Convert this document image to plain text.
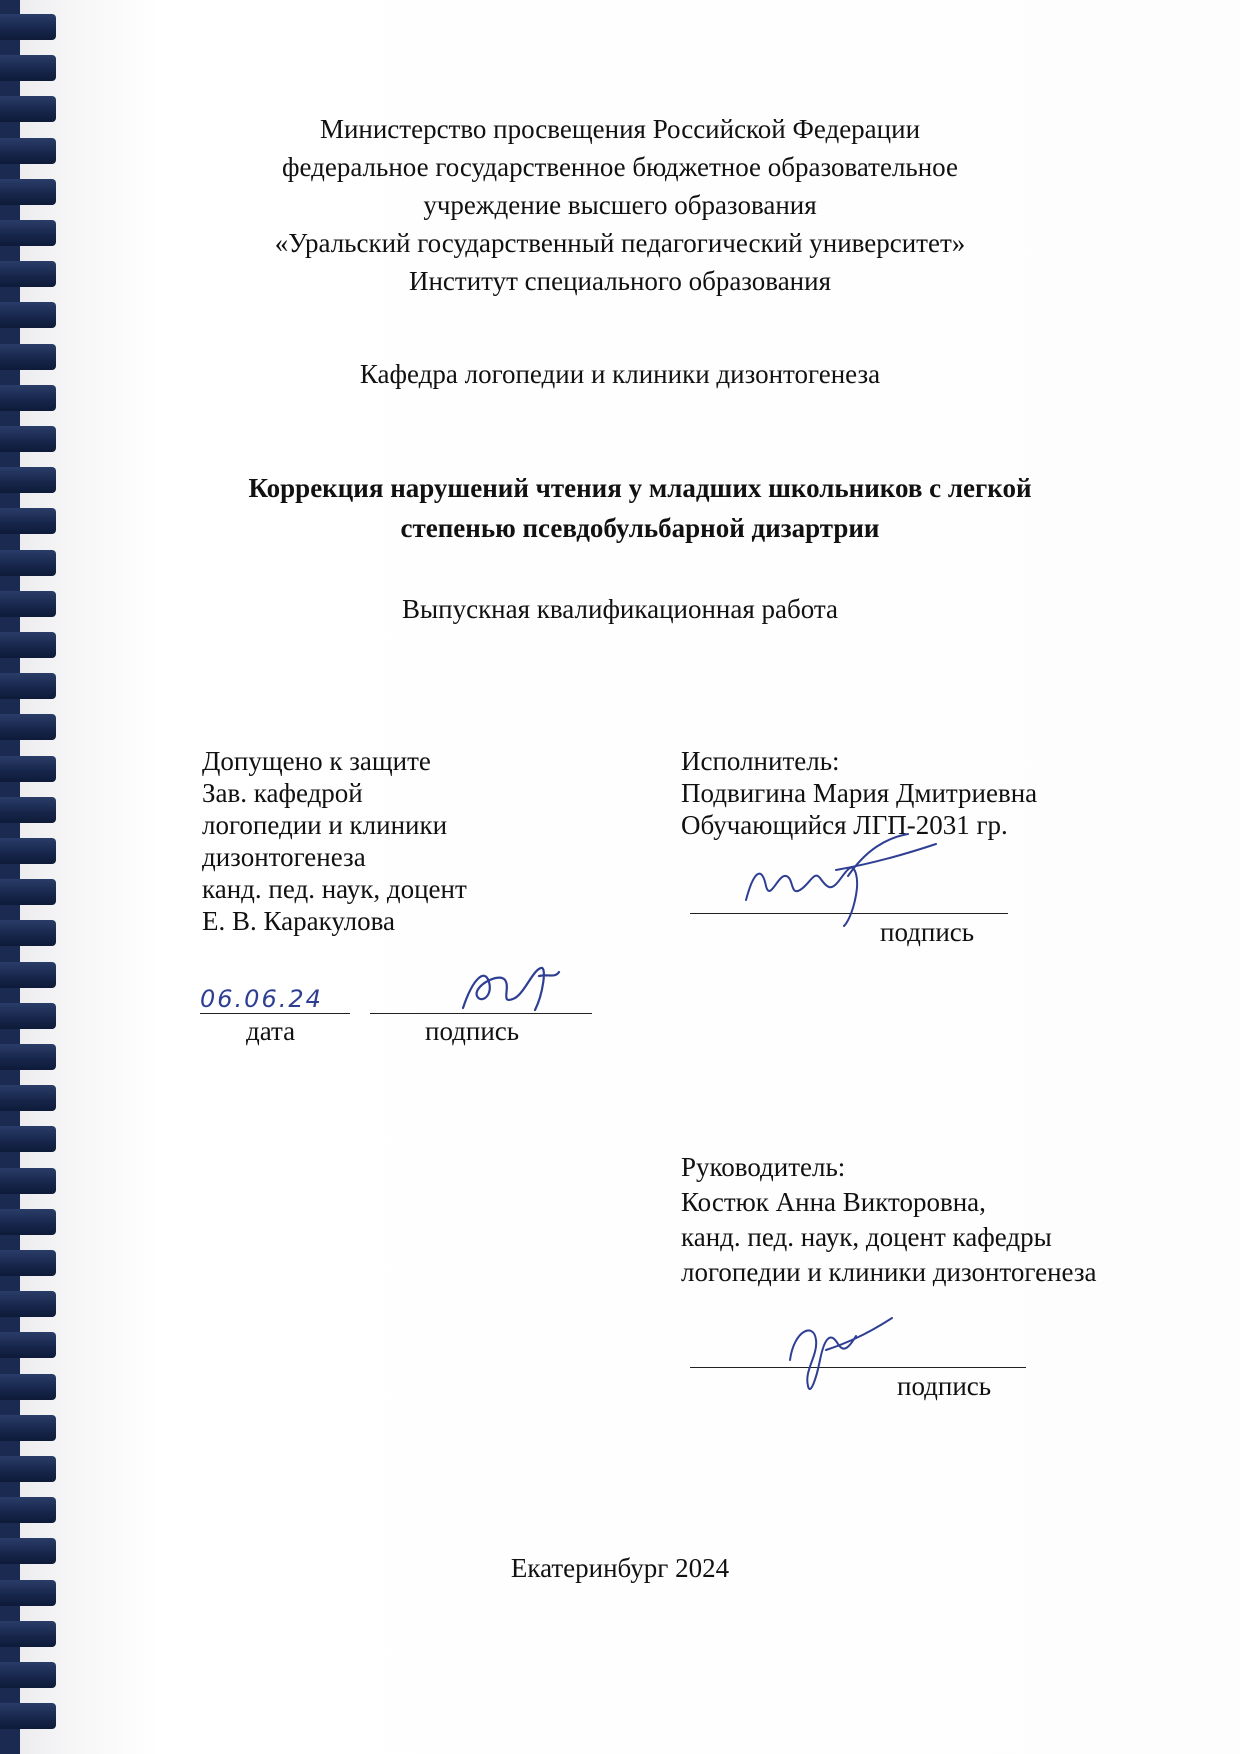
Министерство просвещения Российской Федерации
федеральное государственное бюджетное образовательное
учреждение высшего образования
«Уральский государственный педагогический университет»
Институт специального образования
Кафедра логопедии и клиники дизонтогенеза
Коррекция нарушений чтения у младших школьников с легкой
степенью псевдобульбарной дизартрии
Выпускная квалификационная работа
Допущено к защите
Зав. кафедрой
логопедии и клиники
дизонтогенеза
канд. пед. наук, доцент
Е. В. Каракулова
06.06.24
дата	подпись
Исполнитель:
Подвигина Мария Дмитриевна
Обучающийся ЛГП-2031 гр.
подпись
Руководитель:
Костюк Анна Викторовна,
канд. пед. наук, доцент кафедры
логопедии и клиники дизонтогенеза
подпись
Екатеринбург 2024
